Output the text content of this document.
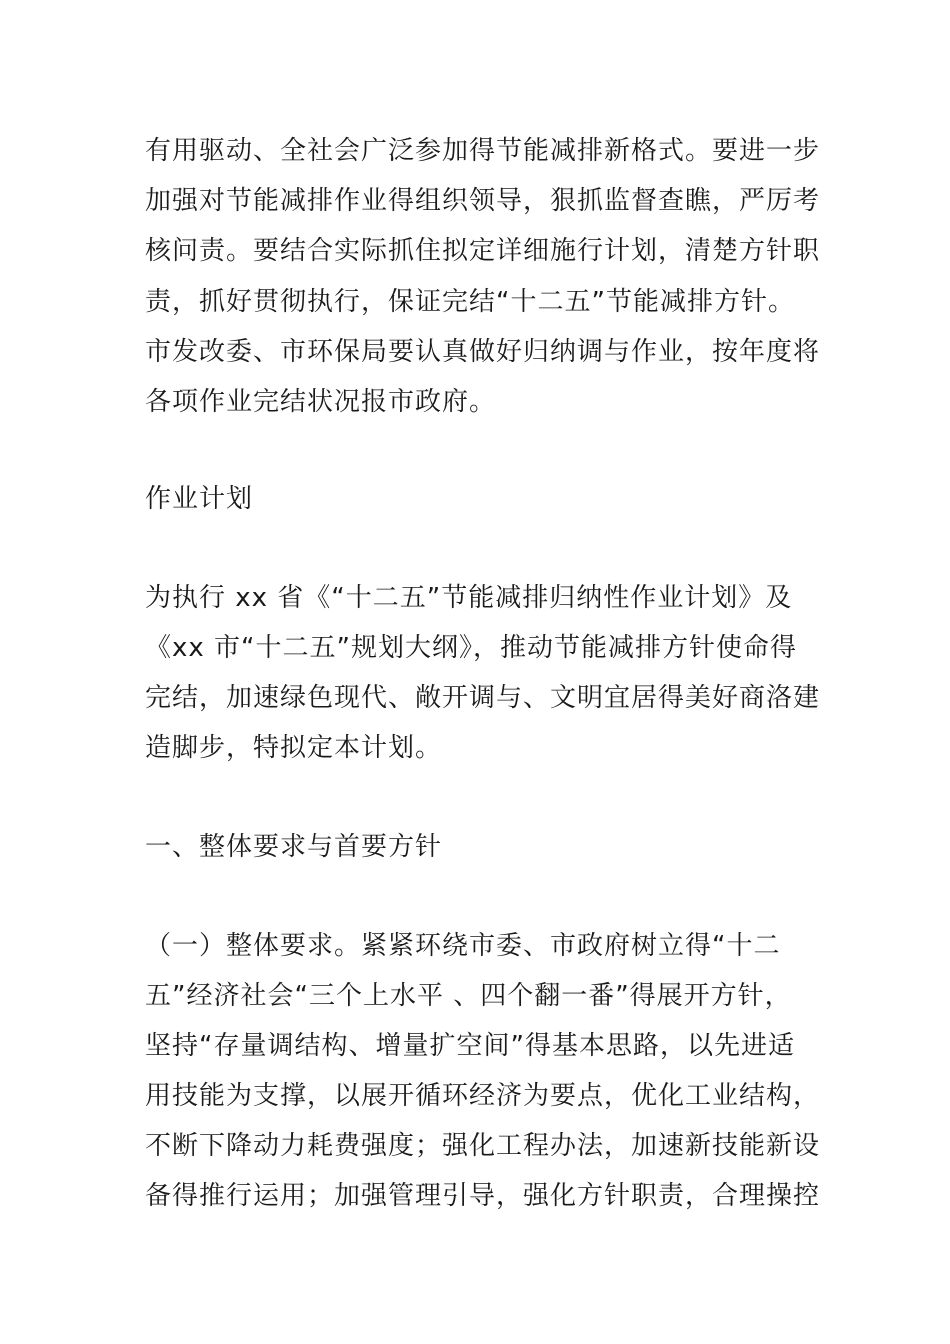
有用驱动、全社会广泛参加得节能减排新格式。要进一步
加强对节能减排作业得组织领导，狠抓监督查瞧，严厉考
核问责。要结合实际抓住拟定详细施行计划，清楚方针职
责，抓好贯彻执行，保证完结“十二五”节能减排方针。
市发改委、市环保局要认真做好归纳调与作业，按年度将
各项作业完结状况报市政府。
作业计划
为执行 xx 省《“十二五”节能减排归纳性作业计划》及
《xx 市“十二五”规划大纲》，推动节能减排方针使命得
完结，加速绿色现代、敞开调与、文明宜居得美好商洛建
造脚步，特拟定本计划。
一、整体要求与首要方针
（一）整体要求。紧紧环绕市委、市政府树立得“十二
五”经济社会“三个上水平 、四个翻一番”得展开方针，
坚持“存量调结构、增量扩空间”得基本思路，以先进适
用技能为支撑，以展开循环经济为要点，优化工业结构，
不断下降动力耗费强度；强化工程办法，加速新技能新设
备得推行运用；加强管理引导，强化方针职责，合理操控
